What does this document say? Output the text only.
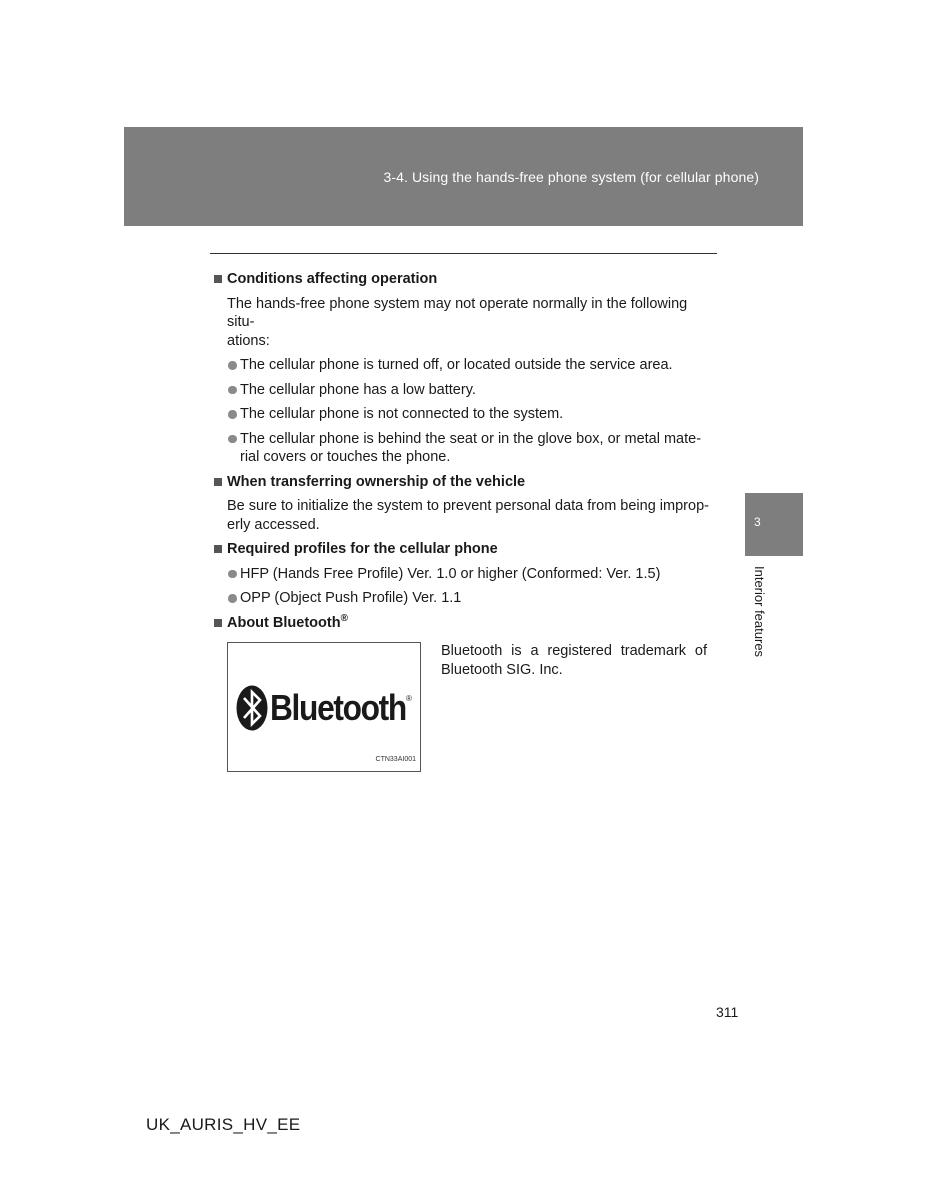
3-4. Using the hands-free phone system (for cellular phone)
Conditions affecting operation
The hands-free phone system may not operate normally in the following situ-
ations:
The cellular phone is turned off, or located outside the service area.
The cellular phone has a low battery.
The cellular phone is not connected to the system.
The cellular phone is behind the seat or in the glove box, or metal mate-
rial covers or touches the phone.
When transferring ownership of the vehicle
Be sure to initialize the system to prevent personal data from being improp-
erly accessed.
Required profiles for the cellular phone
HFP (Hands Free Profile) Ver. 1.0 or higher (Conformed: Ver. 1.5)
OPP (Object Push Profile) Ver. 1.1
About Bluetooth®
Bluetooth ®
CTN33AI001
Bluetooth is a registered trademark of Bluetooth SIG. Inc.
3
Interior features
311
UK_AURIS_HV_EE
